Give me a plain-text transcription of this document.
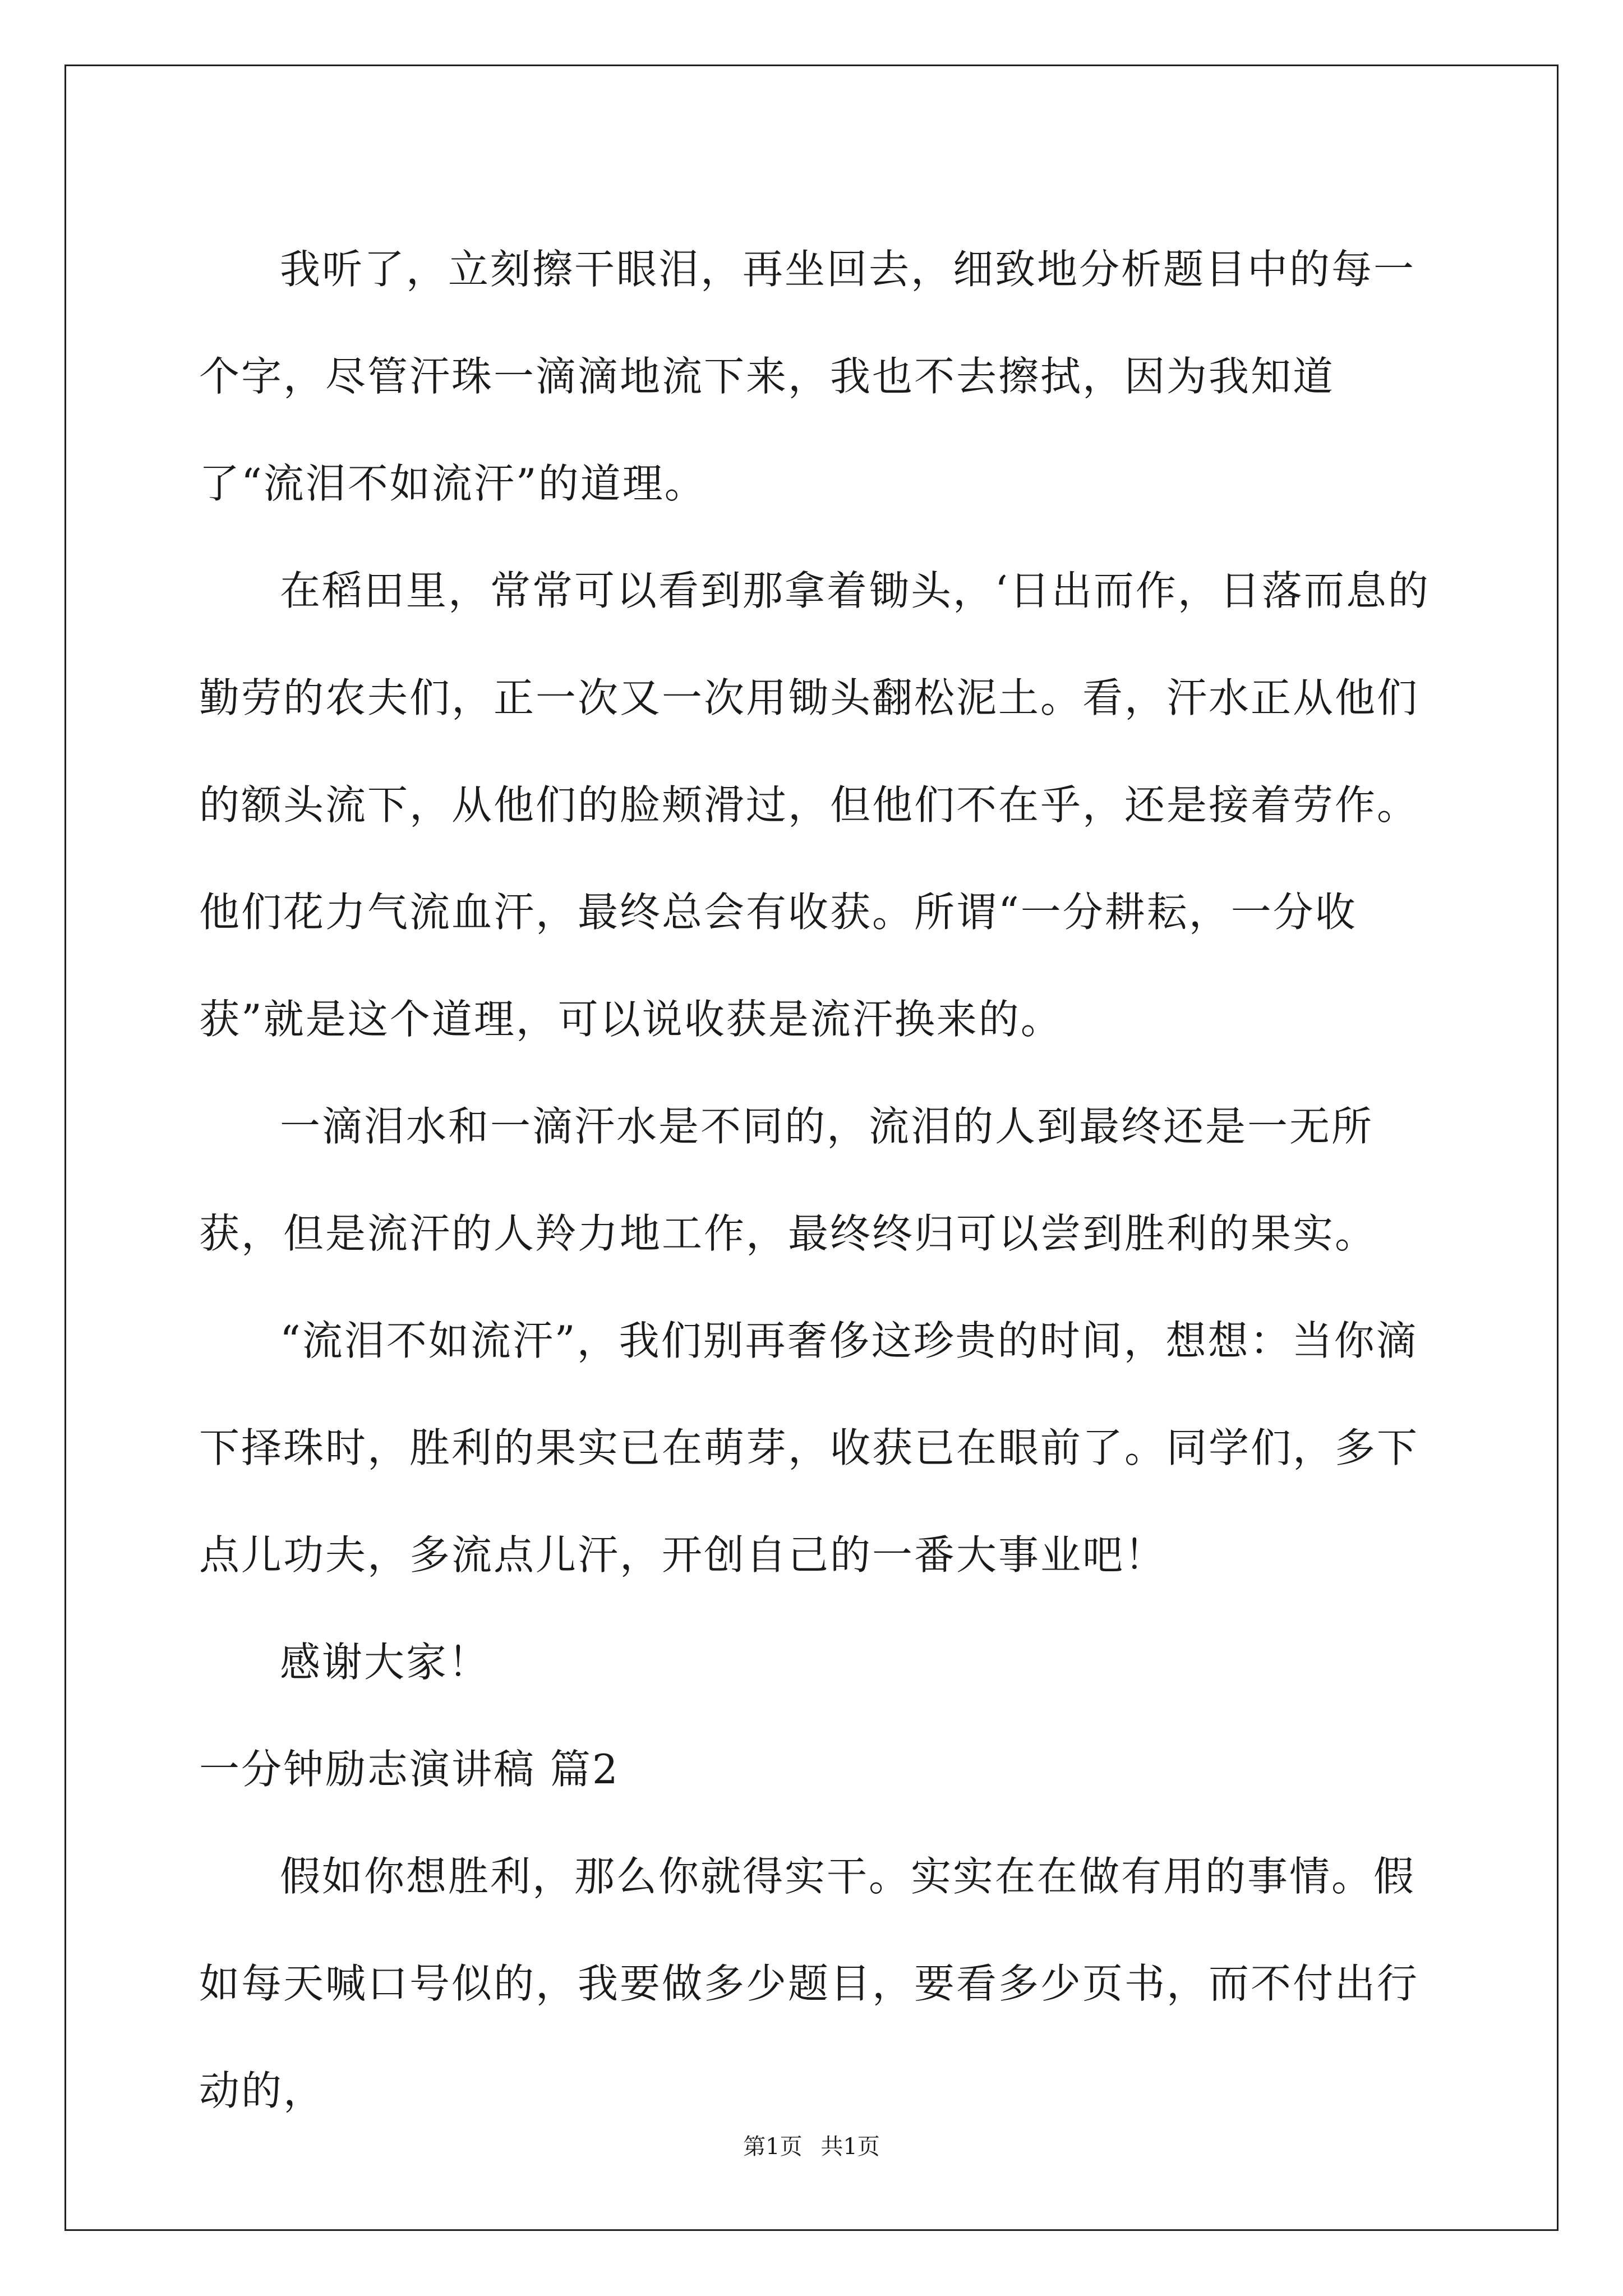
我听了，立刻擦干眼泪，再坐回去，细致地分析题目中的每一个字，尽管汗珠一滴滴地流下来，我也不去擦拭，因为我知道了“流泪不如流汗”的道理。

在稻田里，常常可以看到那拿着锄头，‘日出而作，日落而息的勤劳的农夫们，正一次又一次用锄头翻松泥土。看，汗水正从他们的额头流下，从他们的脸颊滑过，但他们不在乎，还是接着劳作。他们花力气流血汗，最终总会有收获。所谓“一分耕耘，一分收获”就是这个道理，可以说收获是流汗换来的。

一滴泪水和一滴汗水是不同的，流泪的人到最终还是一无所获，但是流汗的人羚力地工作，最终终归可以尝到胜利的果实。

“流泪不如流汗”，我们别再奢侈这珍贵的时间，想想：当你滴下择珠时，胜利的果实已在萌芽，收获已在眼前了。同学们，多下点儿功夫，多流点儿汗，开创自己的一番大事业吧！

感谢大家！

一分钟励志演讲稿 篇2

假如你想胜利，那么你就得实干。实实在在做有用的事情。假如每天喊口号似的，我要做多少题目，要看多少页书，而不付出行动的，

第1页 共1页
